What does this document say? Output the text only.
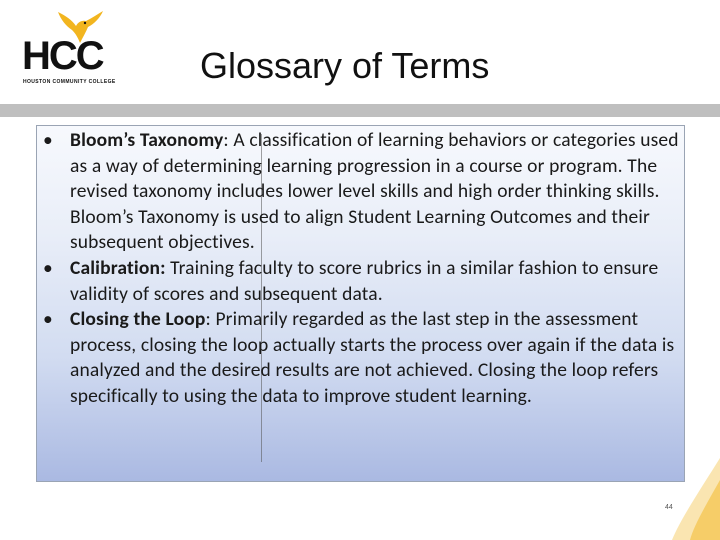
HCC
HOUSTON COMMUNITY COLLEGE	Glossary of Terms
• Bloom’s Taxonomy: A classification of learning behaviors or categories used as a way of determining learning progression in a course or program. The revised taxonomy includes lower level skills and high order thinking skills. Bloom’s Taxonomy is used to align Student Learning Outcomes and their subsequent objectives.
• Calibration: Training faculty to score rubrics in a similar fashion to ensure validity of scores and subsequent data.
• Closing the Loop: Primarily regarded as the last step in the assessment process, closing the loop actually starts the process over again if the data is analyzed and the desired results are not achieved. Closing the loop refers specifically to using the data to improve student learning.
44
